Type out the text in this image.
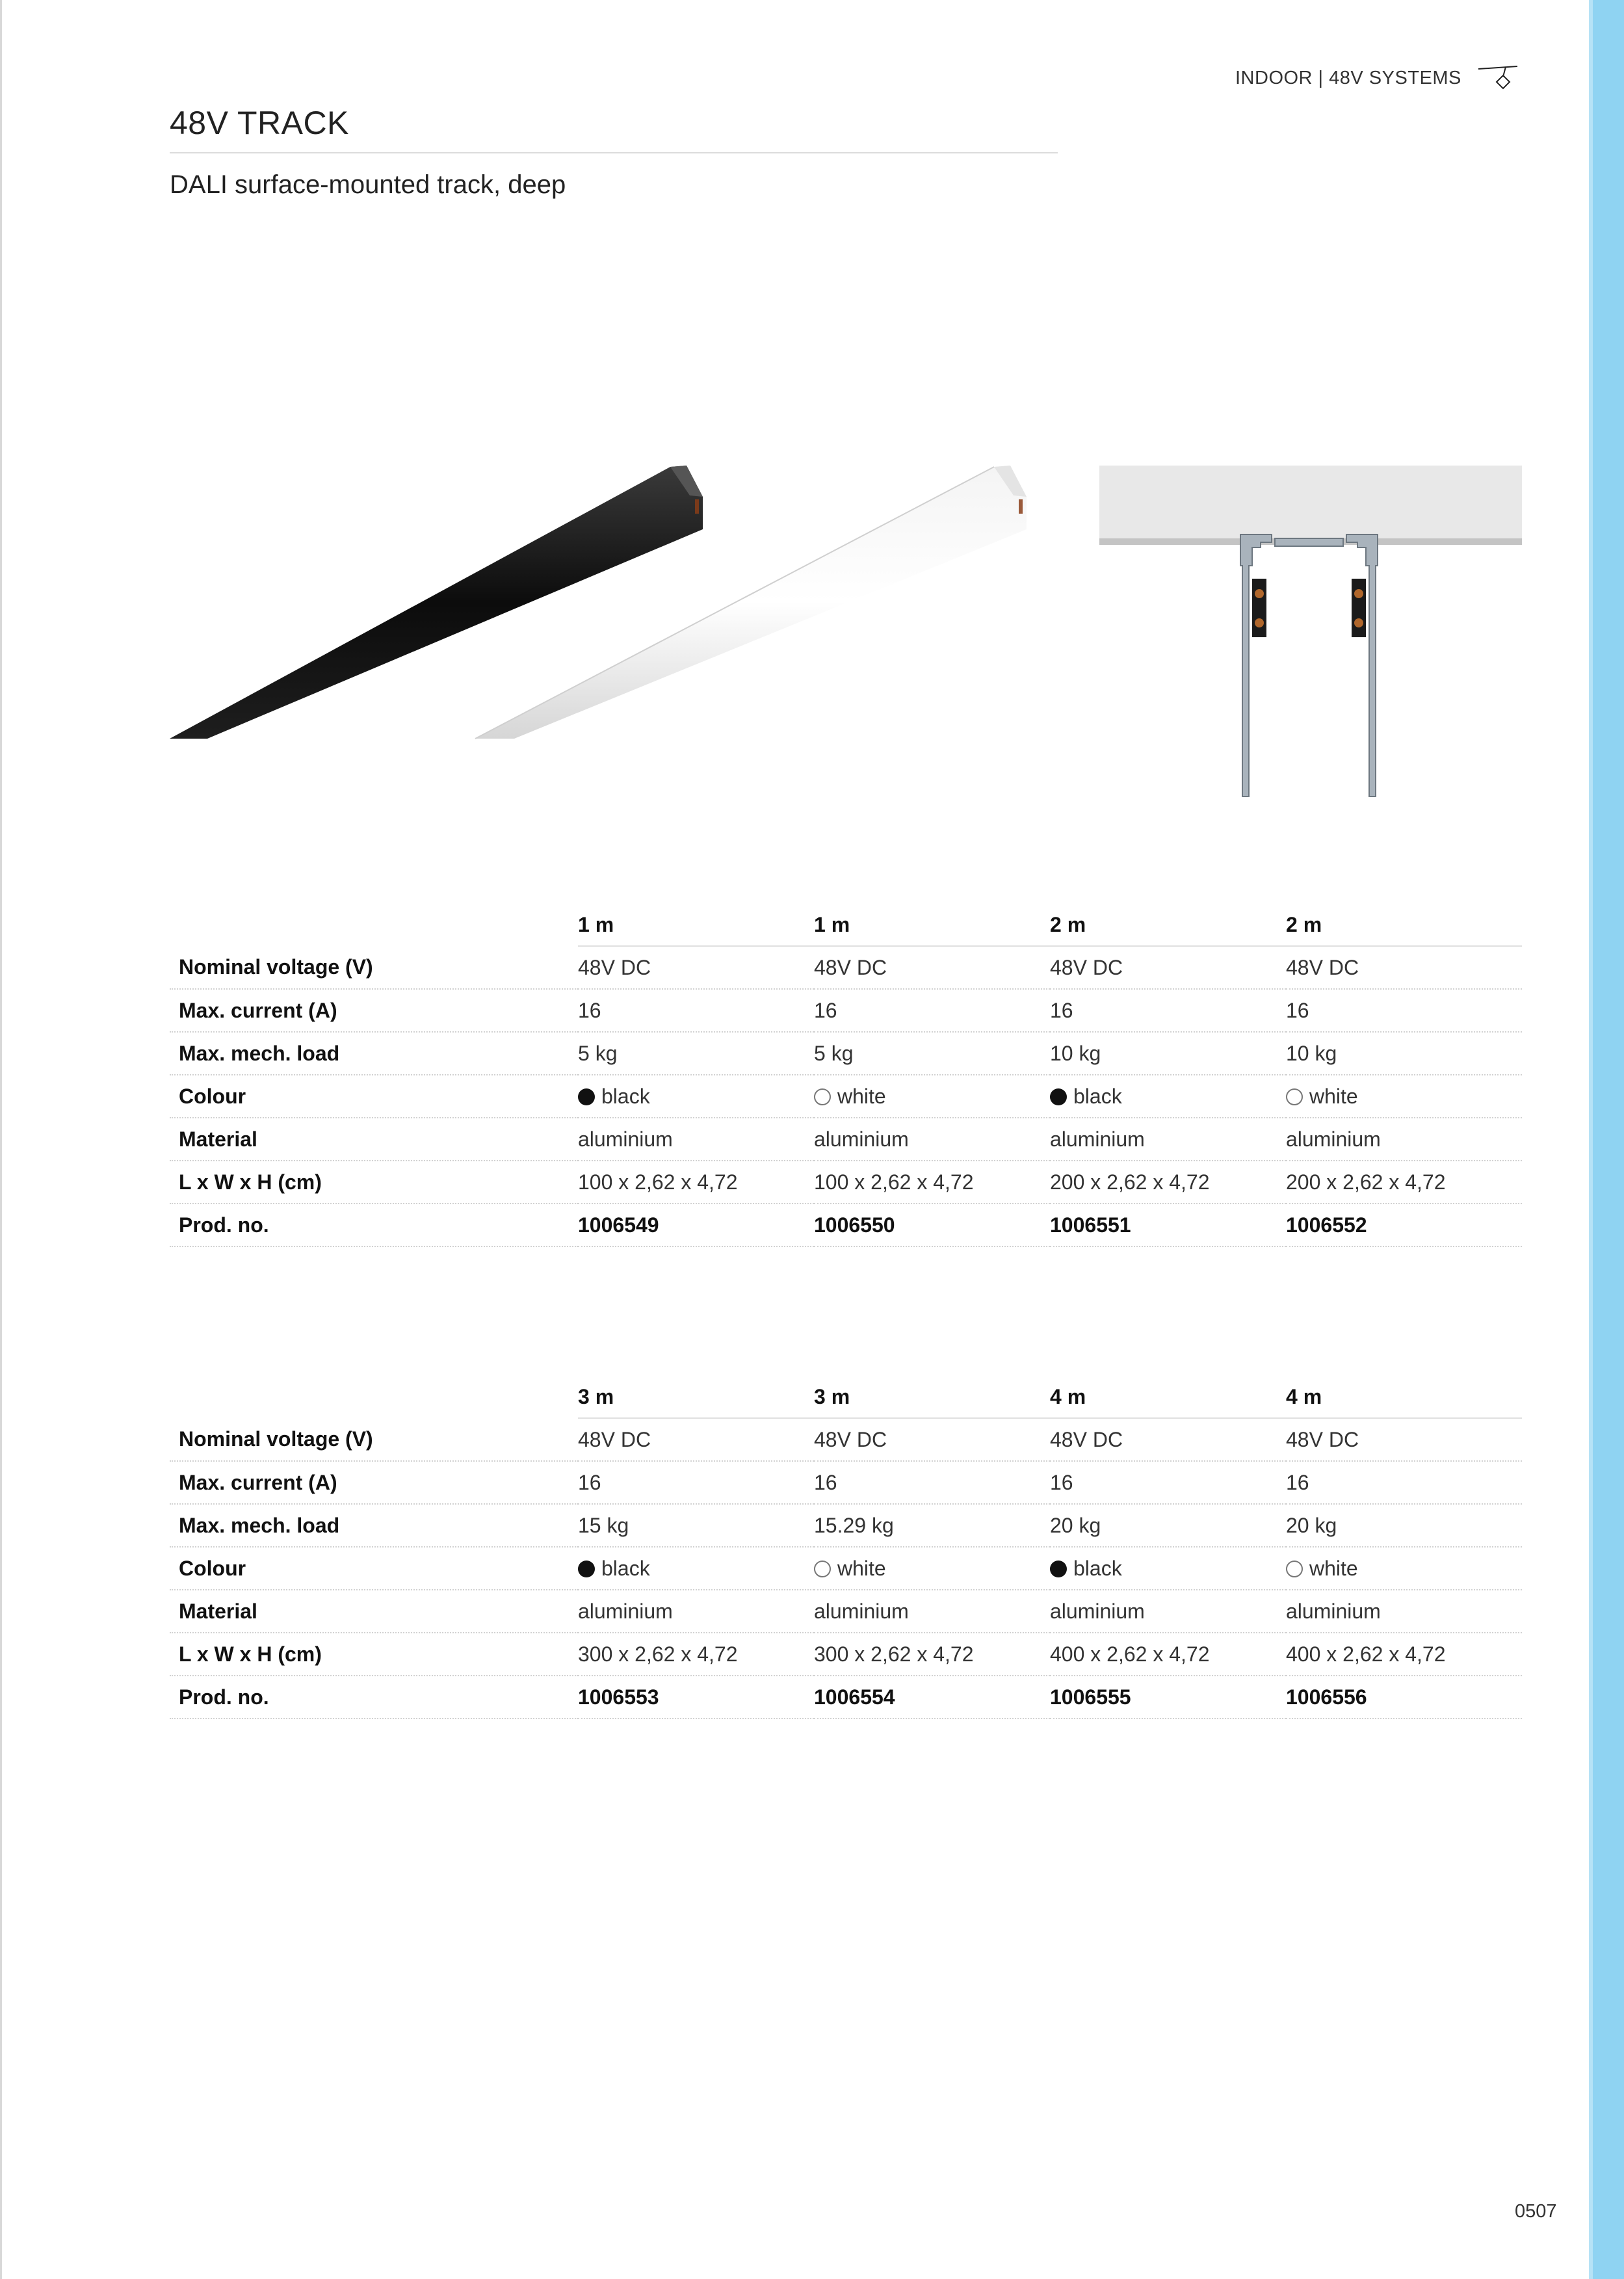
INDOOR | 48V SYSTEMS
48V TRACK
DALI surface-mounted track, deep
	1 m	1 m	2 m	2 m
Nominal voltage (V)	48V DC	48V DC	48V DC	48V DC
Max. current (A)	16	16	16	16
Max. mech. load	5 kg	5 kg	10 kg	10 kg
Colour	black	white	black	white
Material	aluminium	aluminium	aluminium	aluminium
L x W x H (cm)	100 x 2,62 x 4,72	100 x 2,62 x 4,72	200 x 2,62 x 4,72	200 x 2,62 x 4,72
Prod. no.	1006549	1006550	1006551	1006552
	3 m	3 m	4 m	4 m
Nominal voltage (V)	48V DC	48V DC	48V DC	48V DC
Max. current (A)	16	16	16	16
Max. mech. load	15 kg	15.29 kg	20 kg	20 kg
Colour	black	white	black	white
Material	aluminium	aluminium	aluminium	aluminium
L x W x H (cm)	300 x 2,62 x 4,72	300 x 2,62 x 4,72	400 x 2,62 x 4,72	400 x 2,62 x 4,72
Prod. no.	1006553	1006554	1006555	1006556
0507
